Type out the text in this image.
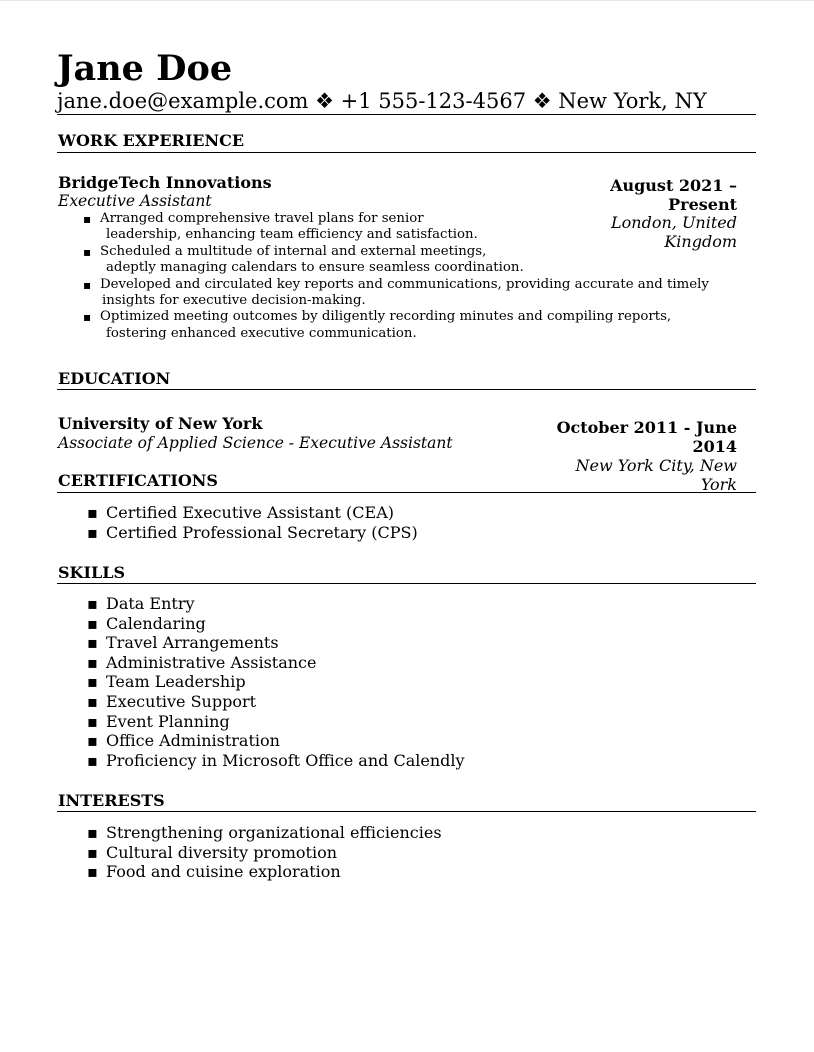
Jane Doe
jane.doe@example.com ❖ +1 555-123-4567 ❖ New York, NY
WORK EXPERIENCE
BridgeTech Innovations
Executive Assistant
August 2021 –
Present
London, United
Kingdom
▪ Arranged comprehensive travel plans for senior
leadership, enhancing team efficiency and satisfaction.
▪ Scheduled a multitude of internal and external meetings,
adeptly managing calendars to ensure seamless coordination.
▪ Developed and circulated key reports and communications, providing accurate and timely
insights for executive decision-making.
▪ Optimized meeting outcomes by diligently recording minutes and compiling reports,
fostering enhanced executive communication.
EDUCATION
University of New York
Associate of Applied Science - Executive Assistant
October 2011 - June
2014
New York City, New
York
CERTIFICATIONS
▪ Certified Executive Assistant (CEA)
▪ Certified Professional Secretary (CPS)
SKILLS
▪ Data Entry
▪ Calendaring
▪ Travel Arrangements
▪ Administrative Assistance
▪ Team Leadership
▪ Executive Support
▪ Event Planning
▪ Office Administration
▪ Proficiency in Microsoft Office and Calendly
INTERESTS
▪ Strengthening organizational efficiencies
▪ Cultural diversity promotion
▪ Food and cuisine exploration
